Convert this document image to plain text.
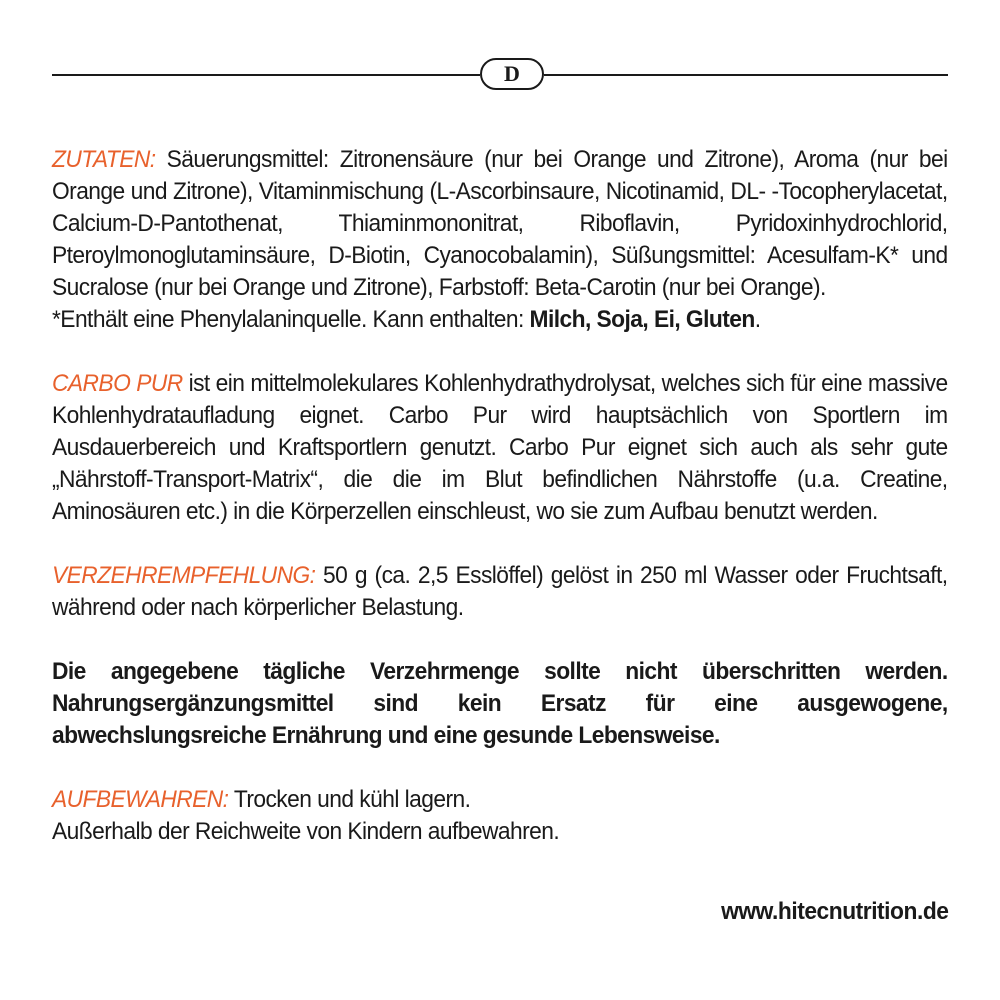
D

ZUTATEN: Säuerungsmittel: Zitronensäure (nur bei Orange und Zitrone), Aroma (nur bei Orange und Zitrone), Vitaminmischung (L-Ascorbinsaure, Nicotinamid, DL- -Tocopherylacetat, Calcium-D-Pantothenat, Thiaminmononitrat, Riboflavin, Pyridoxinhydrochlorid, Pteroylmonoglutaminsäure, D-Biotin, Cyanocobalamin), Süßungsmittel: Acesulfam-K* und Sucralose (nur bei Orange und Zitrone), Farbstoff: Beta-Carotin (nur bei Orange).

*Enthält eine Phenylalaninquelle. Kann enthalten: Milch, Soja, Ei, Gluten.

CARBO PUR ist ein mittelmolekulares Kohlenhydrathydrolysat, welches sich für eine massive Kohlenhydrataufladung eignet. Carbo Pur wird hauptsächlich von Sportlern im Ausdauerbereich und Kraftsportlern genutzt. Carbo Pur eignet sich auch als sehr gute „Nährstoff-Transport-Matrix“, die die im Blut befindlichen Nährstoffe (u.a. Creatine, Aminosäuren etc.) in die Körperzellen einschleust, wo sie zum Aufbau benutzt werden.

VERZEHREMPFEHLUNG: 50 g (ca. 2,5 Esslöffel) gelöst in 250 ml Wasser oder Fruchtsaft, während oder nach körperlicher Belastung.

Die angegebene tägliche Verzehrmenge sollte nicht überschritten werden. Nahrungsergänzungsmittel sind kein Ersatz für eine ausgewogene, abwechslungsreiche Ernährung und eine gesunde Lebensweise.

AUFBEWAHREN: Trocken und kühl lagern.

Außerhalb der Reichweite von Kindern aufbewahren.

www.hitecnutrition.de
